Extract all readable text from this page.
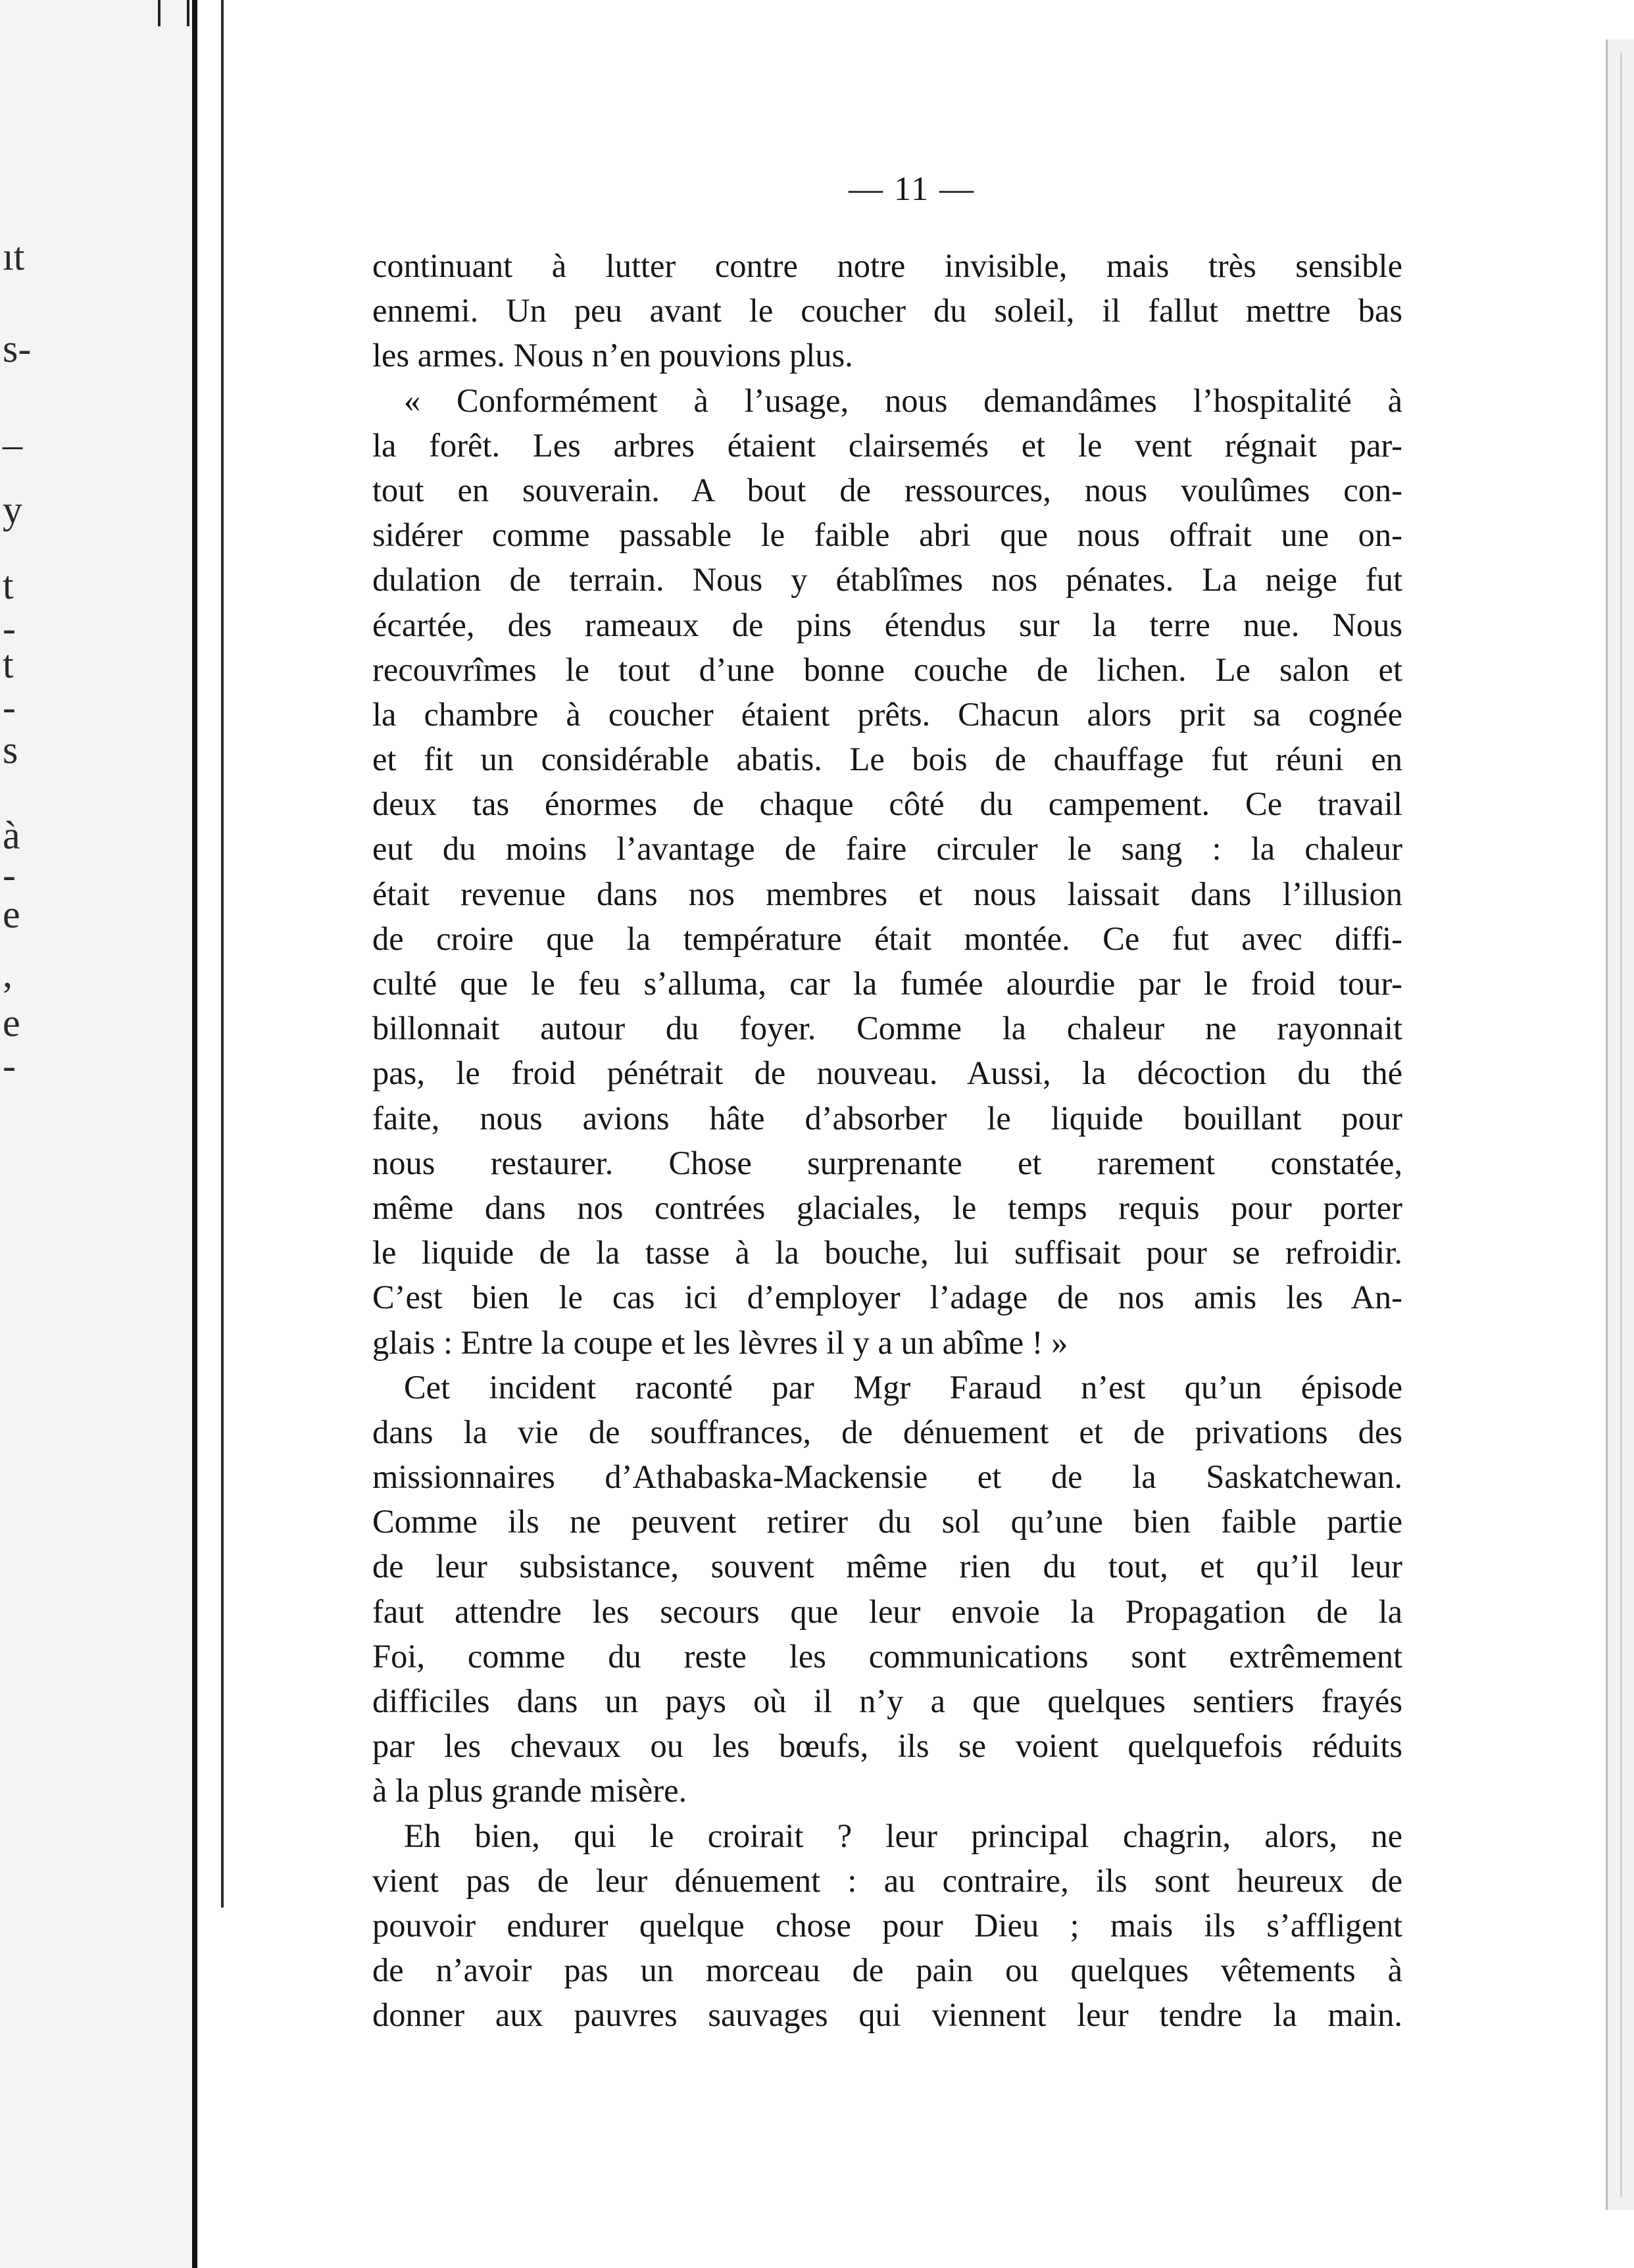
ıt
s-
_
y
t
-
t
-
s
à
-
e
,
e
-
— 11 —
continuant à lutter contre notre invisible, mais très sensible
ennemi. Un peu avant le coucher du soleil, il fallut mettre bas
les armes. Nous n’en pouvions plus.
« Conformément à l’usage, nous demandâmes l’hospitalité à
la forêt. Les arbres étaient clairsemés et le vent régnait par-
tout en souverain. A bout de ressources, nous voulûmes con-
sidérer comme passable le faible abri que nous offrait une on-
dulation de terrain. Nous y établîmes nos pénates. La neige fut
écartée, des rameaux de pins étendus sur la terre nue. Nous
recouvrîmes le tout d’une bonne couche de lichen. Le salon et
la chambre à coucher étaient prêts. Chacun alors prit sa cognée
et fit un considérable abatis. Le bois de chauffage fut réuni en
deux tas énormes de chaque côté du campement. Ce travail
eut du moins l’avantage de faire circuler le sang : la chaleur
était revenue dans nos membres et nous laissait dans l’illusion
de croire que la température était montée. Ce fut avec diffi-
culté que le feu s’alluma, car la fumée alourdie par le froid tour-
billonnait autour du foyer. Comme la chaleur ne rayonnait
pas, le froid pénétrait de nouveau. Aussi, la décoction du thé
faite, nous avions hâte d’absorber le liquide bouillant pour
nous restaurer. Chose surprenante et rarement constatée,
même dans nos contrées glaciales, le temps requis pour porter
le liquide de la tasse à la bouche, lui suffisait pour se refroidir.
C’est bien le cas ici d’employer l’adage de nos amis les An-
glais : Entre la coupe et les lèvres il y a un abîme ! »
Cet incident raconté par Mgr Faraud n’est qu’un épisode
dans la vie de souffrances, de dénuement et de privations des
missionnaires d’Athabaska-Mackensie et de la Saskatchewan.
Comme ils ne peuvent retirer du sol qu’une bien faible partie
de leur subsistance, souvent même rien du tout, et qu’il leur
faut attendre les secours que leur envoie la Propagation de la
Foi, comme du reste les communications sont extrêmement
difficiles dans un pays où il n’y a que quelques sentiers frayés
par les chevaux ou les bœufs, ils se voient quelquefois réduits
à la plus grande misère.
Eh bien, qui le croirait ? leur principal chagrin, alors, ne
vient pas de leur dénuement : au contraire, ils sont heureux de
pouvoir endurer quelque chose pour Dieu ; mais ils s’affligent
de n’avoir pas un morceau de pain ou quelques vêtements à
donner aux pauvres sauvages qui viennent leur tendre la main.
